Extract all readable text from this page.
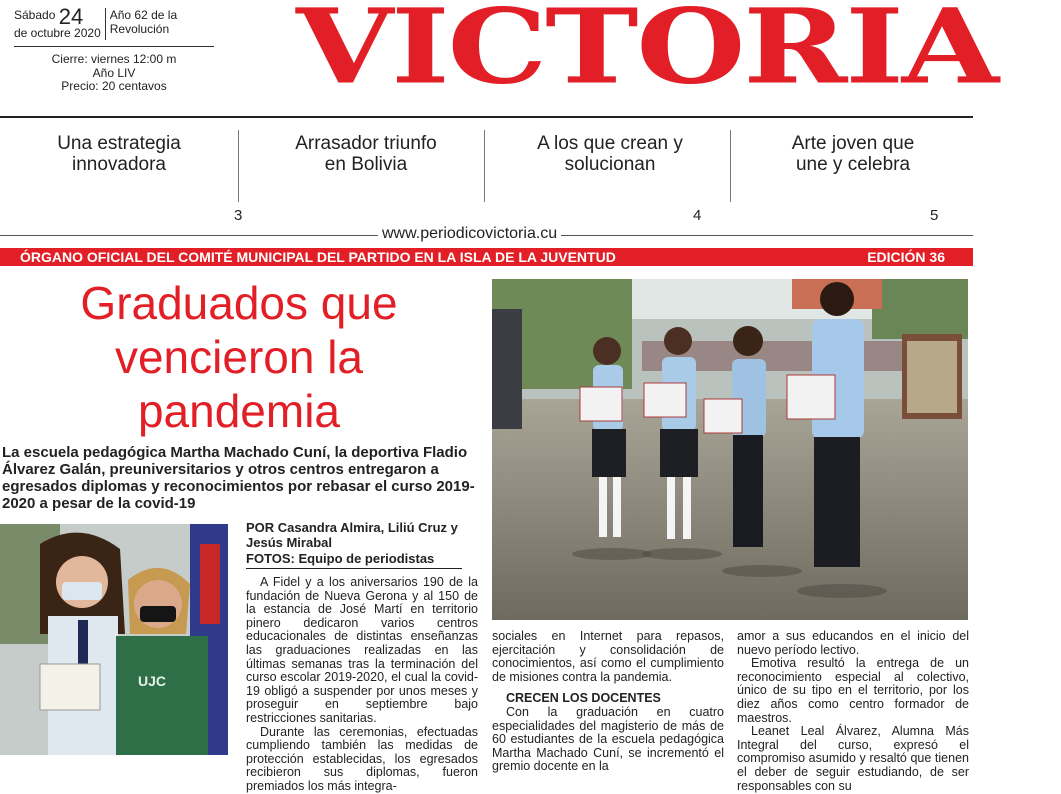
Sábado 24
de octubre 2020
Año 62 de la
Revolución
Cierre: viernes 12:00 m
Año LIV
Precio: 20 centavos	VICTORIA
Una estrategia
innovadora
3
Arrasador triunfo
en Bolivia
A los que crean y
solucionan
4
Arte joven que
une y celebra
5
www.periodicovictoria.cu
ÓRGANO OFICIAL DEL COMITÉ MUNICIPAL DEL PARTIDO EN LA ISLA DE LA JUVENTUD	EDICIÓN 36
Graduados que
vencieron la
pandemia
La escuela pedagógica Martha Machado Cuní, la deportiva Fladio Álvarez Galán, preuniversitarios y otros centros entregaron a egresados diplomas y reconocimientos por rebasar el curso 2019-2020 a pesar de la covid-19
UJC
POR Casandra Almira, Liliú Cruz y Jesús Mirabal
FOTOS: Equipo de periodistas

A Fidel y a los aniversarios 190 de la fundación de Nueva Gerona y al 150 de la estancia de José Martí en territorio pinero dedicaron varios centros educacionales de distintas enseñanzas las graduaciones realizadas en las últimas semanas tras la terminación del curso escolar 2019-2020, el cual la covid-19 obligó a suspender por unos meses y proseguir en septiembre bajo restricciones sanitarias.

Durante las ceremonias, efectuadas cumpliendo también las medidas de protección establecidas, los egresados recibieron sus diplomas, fueron premiados los más integra-

sociales en Internet para repasos, ejercitación y consolidación de conocimientos, así como el cumplimiento de misiones contra la pandemia.

CRECEN LOS DOCENTES

Con la graduación en cuatro especialidades del magisterio de más de 60 estudiantes de la escuela pedagógica Martha Machado Cuní, se incrementó el gremio docente en la

amor a sus educandos en el inicio del nuevo período lectivo.

Emotiva resultó la entrega de un reconocimiento especial al colectivo, único de su tipo en el territorio, por los diez años como centro formador de maestros.

Leanet Leal Álvarez, Alumna Más Integral del curso, expresó el compromiso asumido y resaltó que tienen el deber de seguir estudiando, de ser responsables con su
